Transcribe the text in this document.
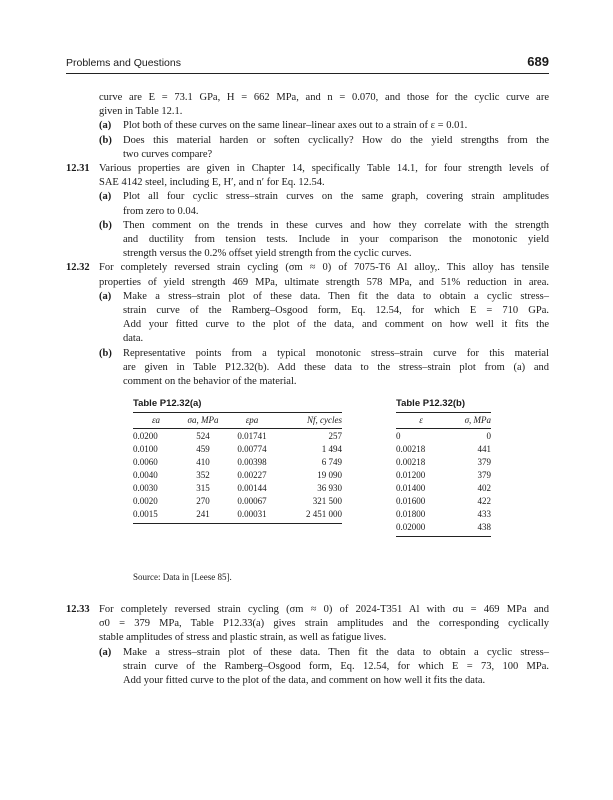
Problems and Questions	689
curve are E = 73.1 GPa, H = 662 MPa, and n = 0.070, and those for the cyclic curve are
given in Table 12.1.
(a)	Plot both of these curves on the same linear–linear axes out to a strain of ε = 0.01.
(b)	Does this material harden or soften cyclically? How do the yield strengths from the
two curves compare?
12.31 Various properties are given in Chapter 14, specifically Table 14.1, for four strength levels of
SAE 4142 steel, including E, H′, and n′ for Eq. 12.54.
(a)	Plot all four cyclic stress–strain curves on the same graph, covering strain amplitudes
from zero to 0.04.
(b)	Then comment on the trends in these curves and how they correlate with the strength
and ductility from tension tests. Include in your comparison the monotonic yield
strength versus the 0.2% offset yield strength from the cyclic curves.
12.32 For completely reversed strain cycling (σm ≈ 0) of 7075-T6 Al alloy,. This alloy has tensile
properties of yield strength 469 MPa, ultimate strength 578 MPa, and 51% reduction in area.
(a)	Make a stress–strain plot of these data. Then fit the data to obtain a cyclic stress–
strain curve of the Ramberg–Osgood form, Eq. 12.54, for which E = 710 GPa.
Add your fitted curve to the plot of the data, and comment on how well it fits the
data.
(b)	Representative points from a typical monotonic stress–strain curve for this material
are given in Table P12.32(b). Add these data to the stress–strain plot from (a) and
comment on the behavior of the material.
Table P12.32(a)
εa	σa, MPa	εpa	Nf, cycles
0.0200	524	0.01741	257
0.0100	459	0.00774	1 494
0.0060	410	0.00398	6 749
0.0040	352	0.00227	19 090
0.0030	315	0.00144	36 930
0.0020	270	0.00067	321 500
0.0015	241	0.00031	2 451 000
Source: Data in [Leese 85].
Table P12.32(b)
ε	σ, MPa
0	0
0.00218	441
0.00218	379
0.01200	379
0.01400	402
0.01600	422
0.01800	433
0.02000	438
12.33 For completely reversed strain cycling (σm ≈ 0) of 2024-T351 Al with σu = 469 MPa and
σ0 = 379 MPa, Table P12.33(a) gives strain amplitudes and the corresponding cyclically
stable amplitudes of stress and plastic strain, as well as fatigue lives.
(a)	Make a stress–strain plot of these data. Then fit the data to obtain a cyclic stress–
strain curve of the Ramberg–Osgood form, Eq. 12.54, for which E = 73, 100 MPa.
Add your fitted curve to the plot of the data, and comment on how well it fits the data.
